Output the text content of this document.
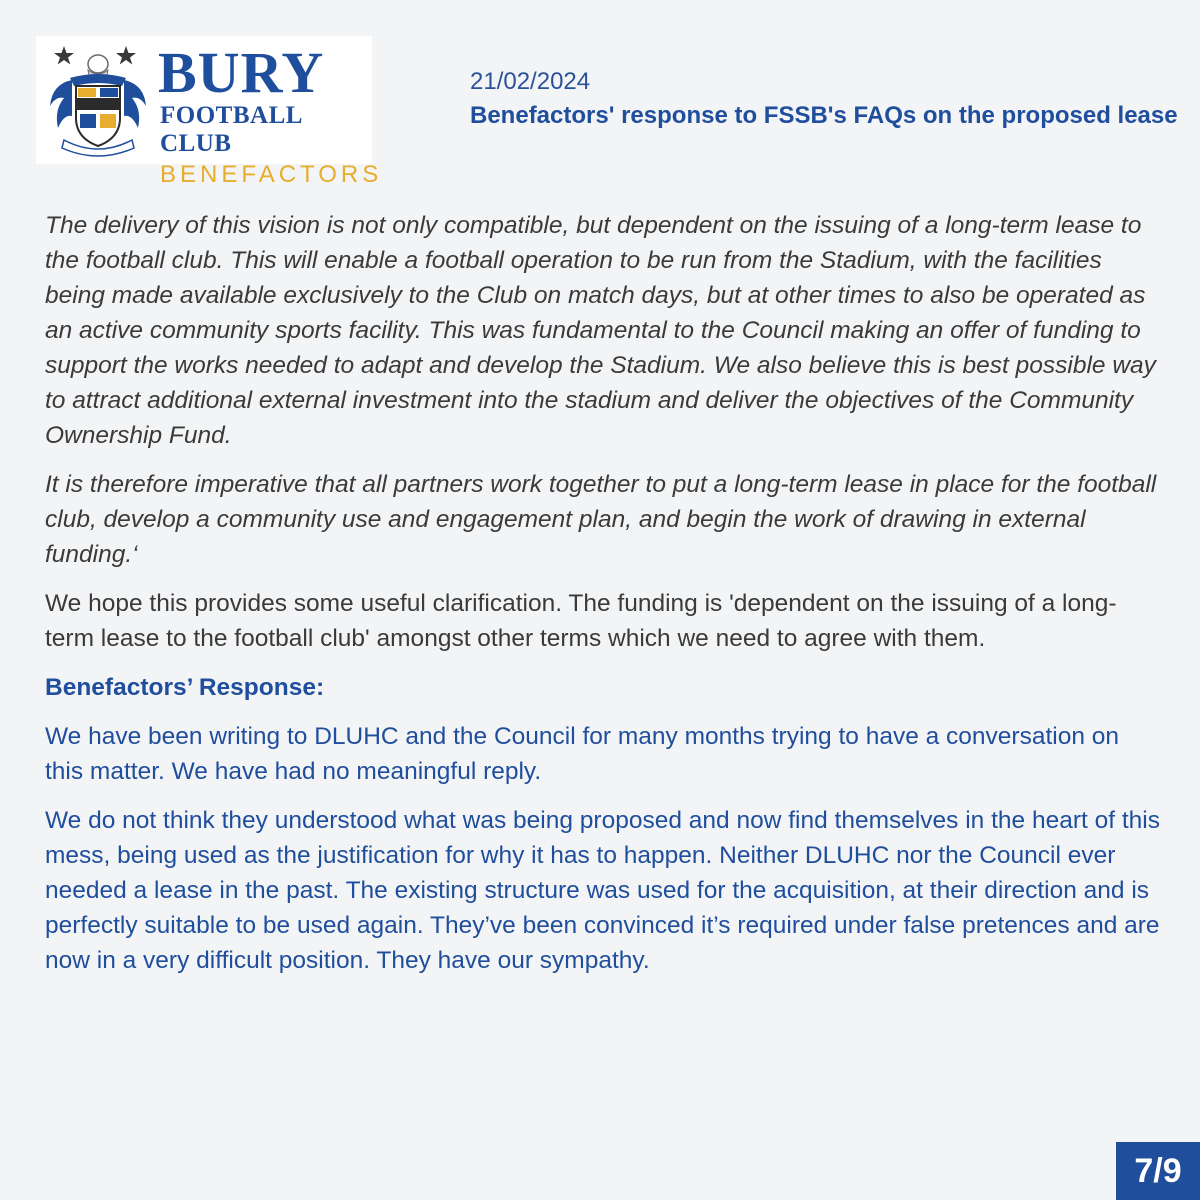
BURY

FOOTBALL CLUB

BENEFACTORS

21/02/2024

Benefactors' response to FSSB's FAQs on the proposed lease

The delivery of this vision is not only compatible, but dependent on the issuing of a long-term lease to the football club. This will enable a football operation to be run from the Stadium, with the facilities being made available exclusively to the Club on match days, but at other times to also be operated as an active community sports facility. This was fundamental to the Council making an offer of funding to support the works needed to adapt and develop the Stadium. We also believe this is best possible way to attract additional external investment into the stadium and deliver the objectives of the Community Ownership Fund.

It is therefore imperative that all partners work together to put a long-term lease in place for the football club, develop a community use and engagement plan, and begin the work of drawing in external funding.‘

We hope this provides some useful clarification. The funding is 'dependent on the issuing of a long-term lease to the football club' amongst other terms which we need to agree with them.

Benefactors’ Response:

We have been writing to DLUHC and the Council for many months trying to have a conversation on this matter. We have had no meaningful reply.

We do not think they understood what was being proposed and now find themselves in the heart of this mess, being used as the justification for why it has to happen. Neither DLUHC nor the Council ever needed a lease in the past. The existing structure was used for the acquisition, at their direction and is perfectly suitable to be used again. They’ve been convinced it’s required under false pretences and are now in a very difficult position. They have our sympathy.

7/9
